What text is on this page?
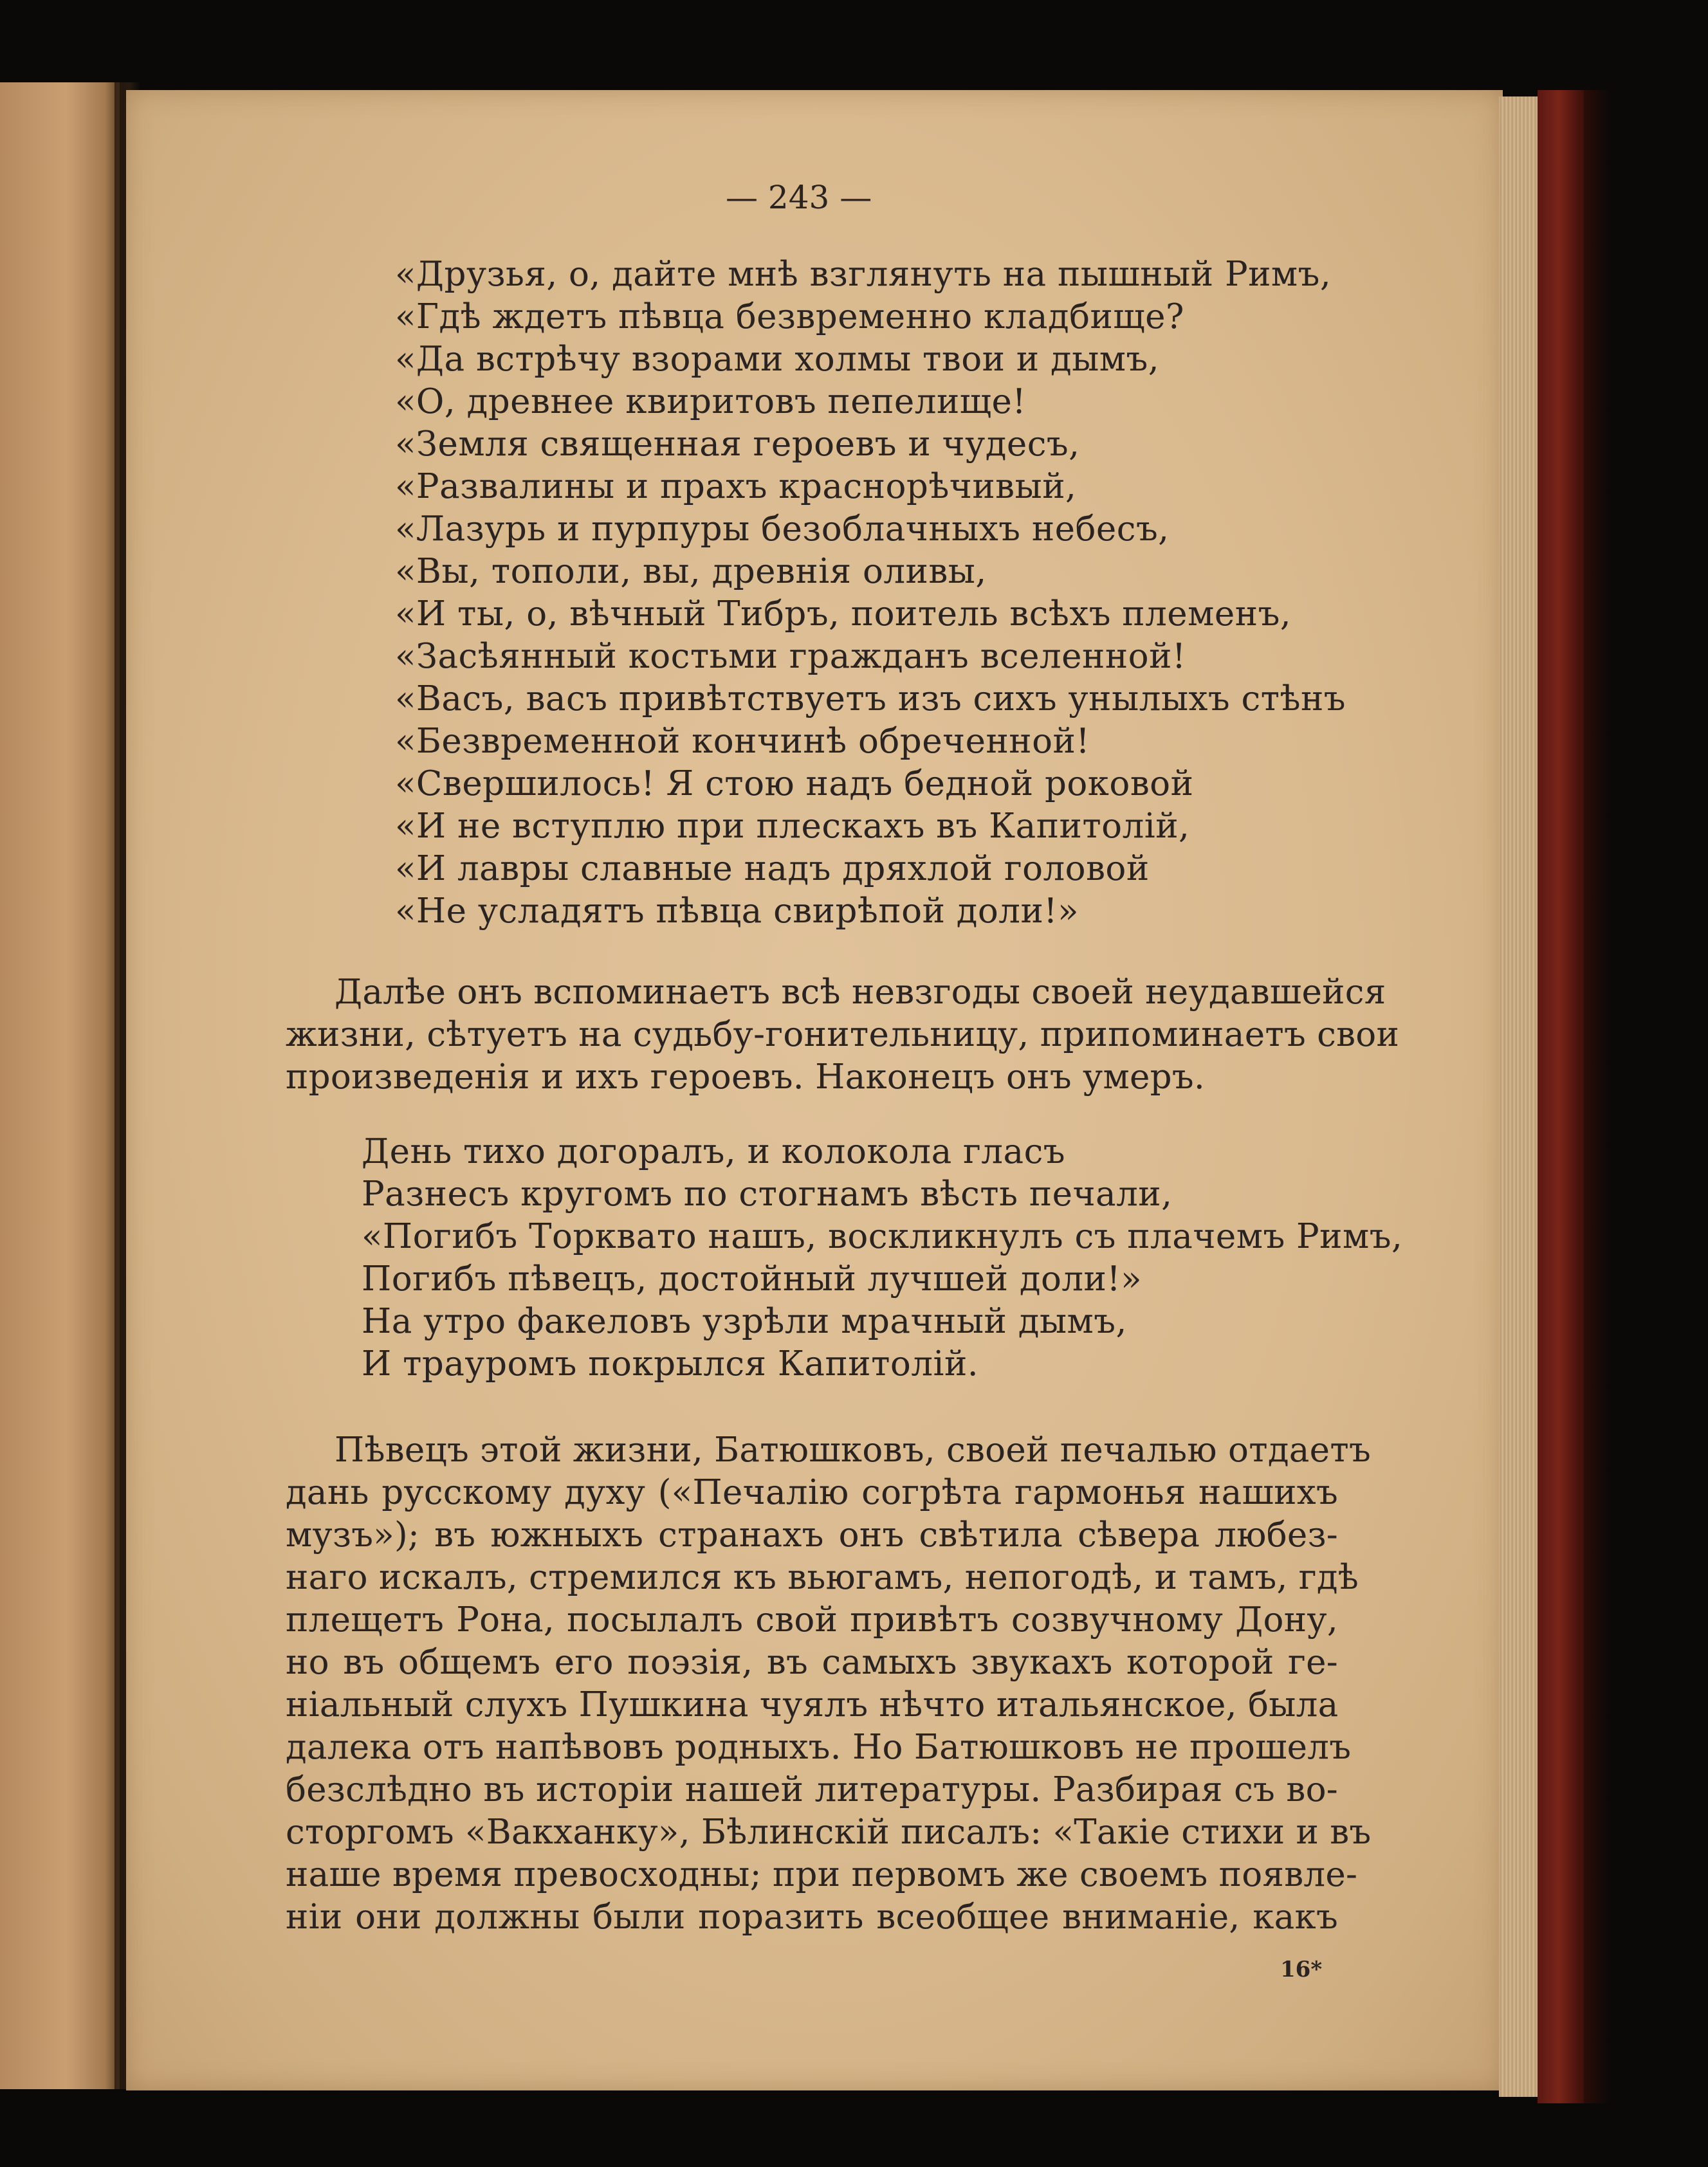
— 243 —
«Друзья, о, дайте мнѣ взглянуть на пышный Римъ,
«Гдѣ ждетъ пѣвца безвременно кладбище?
«Да встрѣчу взорами холмы твои и дымъ,
«О, древнее квиритовъ пепелище!
«Земля священная героевъ и чудесъ,
«Развалины и прахъ краснорѣчивый,
«Лазурь и пурпуры безоблачныхъ небесъ,
«Вы, тополи, вы, древнія оливы,
«И ты, о, вѣчный Тибръ, поитель всѣхъ племенъ,
«Засѣянный костьми гражданъ вселенной!
«Васъ, васъ привѣтствуетъ изъ сихъ унылыхъ стѣнъ
«Безвременной кончинѣ обреченной!
«Свершилось! Я стою надъ бедной роковой
«И не вступлю при плескахъ въ Капитолій,
«И лавры славные надъ дряхлой головой
«Не усладятъ пѣвца свирѣпой доли!»
Далѣе онъ вспоминаетъ всѣ невзгоды своей неудавшейся
жизни, сѣтуетъ на судьбу-гонительницу, припоминаетъ свои
произведенія и ихъ героевъ. Наконецъ онъ умеръ.
День тихо догоралъ, и колокола гласъ
Разнесъ кругомъ по стогнамъ вѣсть печали,
«Погибъ Торквато нашъ, воскликнулъ съ плачемъ Римъ,
Погибъ пѣвецъ, достойный лучшей доли!»
На утро факеловъ узрѣли мрачный дымъ,
И трауромъ покрылся Капитолій.
Пѣвецъ этой жизни, Батюшковъ, своей печалью отдаетъ
дань русскому духу («Печалію согрѣта гармонья нашихъ
музъ»); въ южныхъ странахъ онъ свѣтила сѣвера любез-
наго искалъ, стремился къ вьюгамъ, непогодѣ, и тамъ, гдѣ
плещетъ Рона, посылалъ свой привѣтъ созвучному Дону,
но въ общемъ его поэзія, въ самыхъ звукахъ которой ге-
ніальный слухъ Пушкина чуялъ нѣчто итальянское, была
далека отъ напѣвовъ родныхъ. Но Батюшковъ не прошелъ
безслѣдно въ исторіи нашей литературы. Разбирая съ во-
сторгомъ «Вакханку», Бѣлинскій писалъ: «Такіе стихи и въ
наше время превосходны; при первомъ же своемъ появле-
ніи они должны были поразить всеобщее вниманіе, какъ
16*
